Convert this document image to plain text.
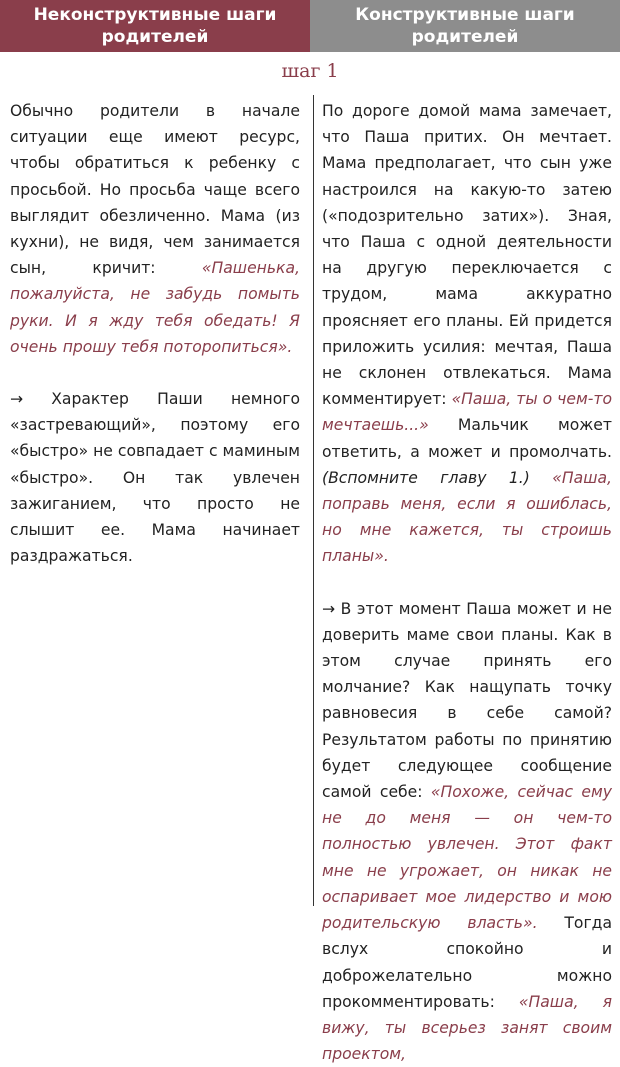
Неконструктивные шаги родителей
Конструктивные шаги родителей
шаг 1

Обычно родители в начале ситуации еще имеют ресурс, чтобы обратиться к ребенку с просьбой. Но просьба чаще всего выглядит обезличенно. Мама (из кухни), не видя, чем занимается сын, кричит: «Пашенька, пожалуйста, не забудь помыть руки. И я жду тебя обедать! Я очень прошу тебя поторопиться».

→ Характер Паши немного «застревающий», поэтому его «быстро» не совпадает с маминым «быстро». Он так увлечен зажиганием, что просто не слышит ее. Мама начинает раздражаться.

По дороге домой мама замечает, что Паша притих. Он мечтает. Мама предполагает, что сын уже настроился на какую-то затею («подозрительно затих»). Зная, что Паша с одной деятельности на другую переключается с трудом, мама аккуратно проясняет его планы. Ей придется приложить усилия: мечтая, Паша не склонен отвлекаться. Мама комментирует: «Паша, ты о чем-то мечтаешь...» Мальчик может ответить, а может и промолчать. (Вспомните главу 1.) «Паша, поправь меня, если я ошиблась, но мне кажется, ты строишь планы».

→ В этот момент Паша может и не доверить маме свои планы. Как в этом случае принять его молчание? Как нащупать точку равновесия в себе самой? Результатом работы по принятию будет следующее сообщение самой себе: «Похоже, сейчас ему не до меня — он чем-то полностью увлечен. Этот факт мне не угрожает, он никак не оспаривает мое лидерство и мою родительскую власть». Тогда вслух спокойно и доброжелательно можно прокомментировать: «Паша, я вижу, ты всерьез занят своим проектом,
